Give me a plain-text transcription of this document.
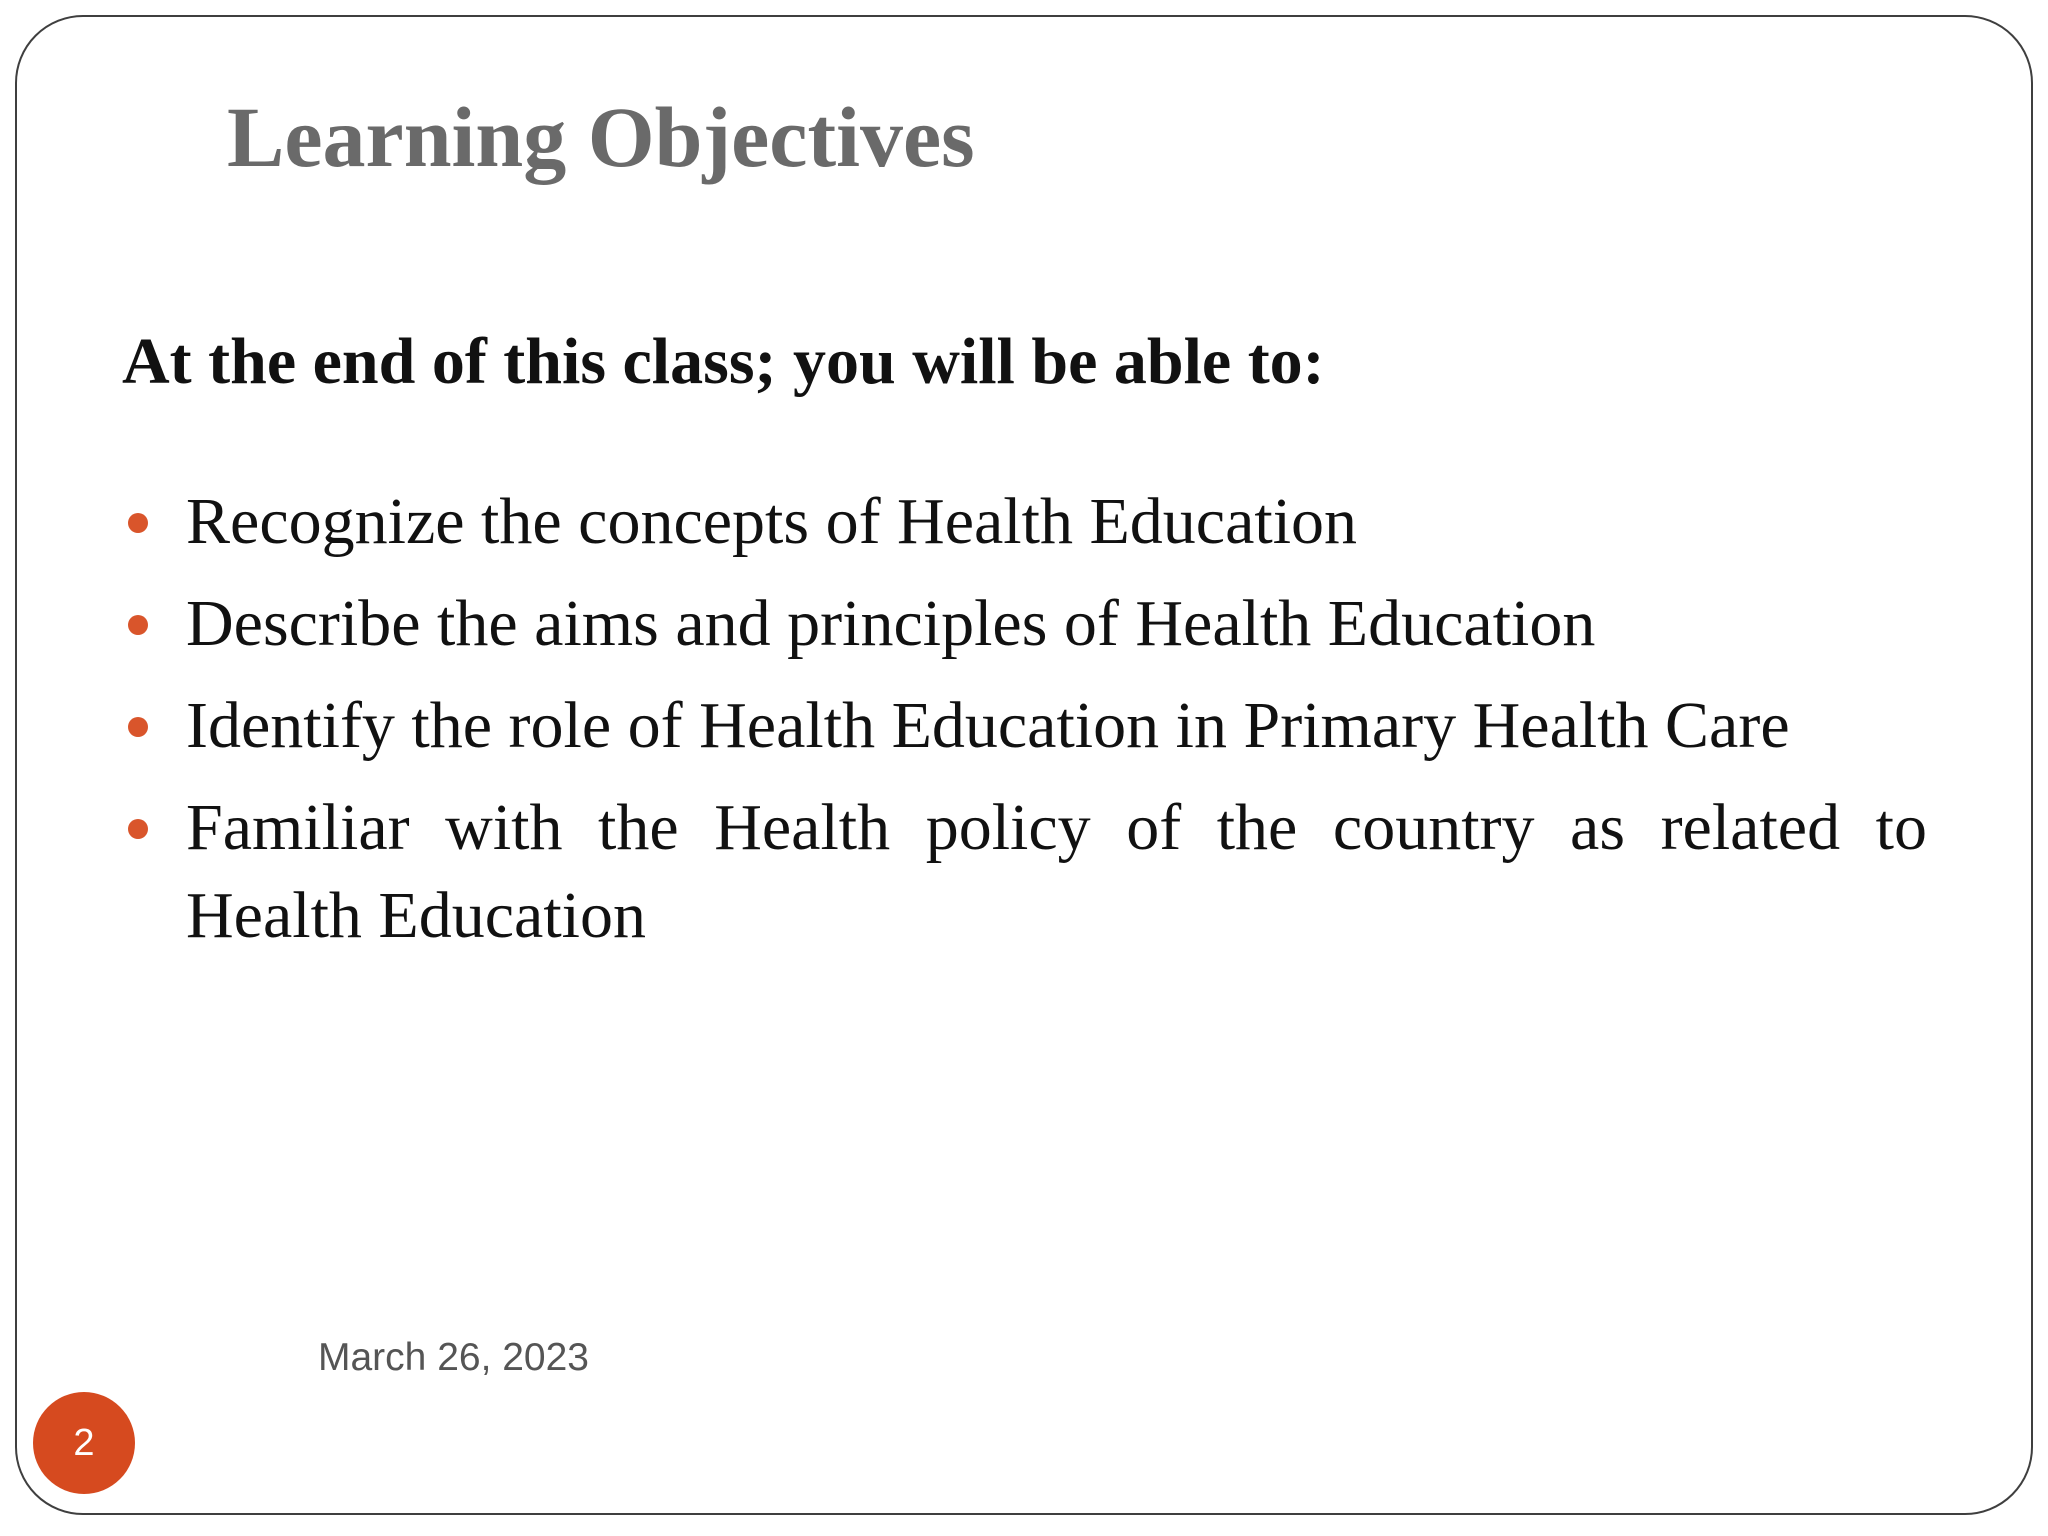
Learning Objectives

At the end of this class; you will be able to:

Recognize the concepts of Health Education
Describe the aims and principles of Health Education
Identify the role of Health Education in Primary Health Care
Familiar with the Health policy of the country as related to Health Education
March 26, 2023
2
